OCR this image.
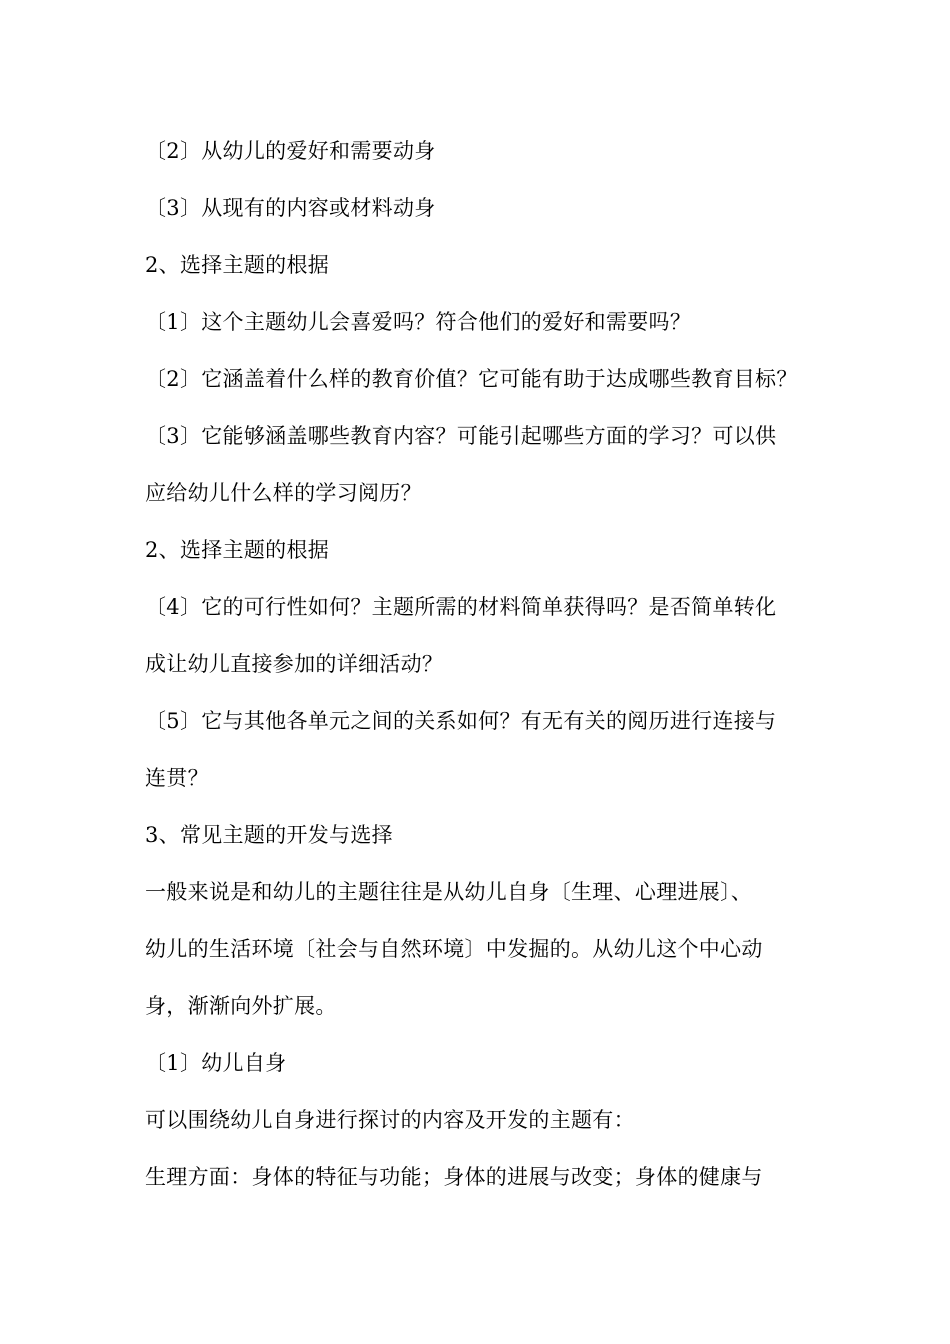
〔2〕从幼儿的爱好和需要动身
〔3〕从现有的内容或材料动身
2、选择主题的根据
〔1〕这个主题幼儿会喜爱吗？符合他们的爱好和需要吗？
〔2〕它涵盖着什么样的教育价值？它可能有助于达成哪些教育目标？
〔3〕它能够涵盖哪些教育内容？可能引起哪些方面的学习？可以供
应给幼儿什么样的学习阅历？
2、选择主题的根据
〔4〕它的可行性如何？主题所需的材料简单获得吗？是否简单转化
成让幼儿直接参加的详细活动？
〔5〕它与其他各单元之间的关系如何？有无有关的阅历进行连接与
连贯？
3、常见主题的开发与选择
一般来说是和幼儿的主题往往是从幼儿自身〔生理、心理进展〕、
幼儿的生活环境〔社会与自然环境〕中发掘的。从幼儿这个中心动
身，渐渐向外扩展。
〔1〕幼儿自身
可以围绕幼儿自身进行探讨的内容及开发的主题有：
生理方面：身体的特征与功能；身体的进展与改变；身体的健康与
